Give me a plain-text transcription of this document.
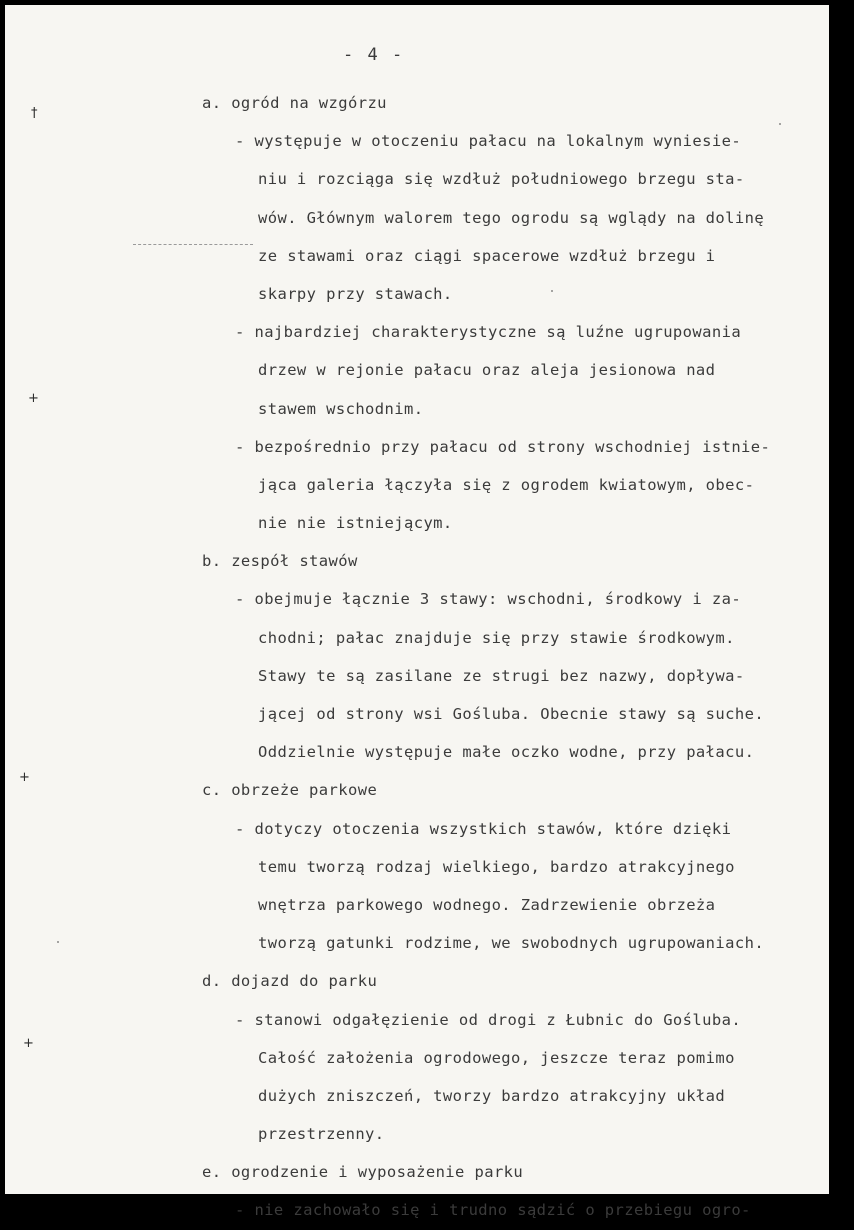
- 4 -
†
+
+
+
a. ogród na wzgórzu
- występuje w otoczeniu pałacu na lokalnym wyniesie-
niu i rozciąga się wzdłuż południowego brzegu sta-
wów. Głównym walorem tego ogrodu są wglądy na dolinę
ze stawami oraz ciągi spacerowe wzdłuż brzegu i
skarpy przy stawach.
- najbardziej charakterystyczne są luźne ugrupowania
drzew w rejonie pałacu oraz aleja jesionowa nad
stawem wschodnim.
- bezpośrednio przy pałacu od strony wschodniej istnie-
jąca galeria łączyła się z ogrodem kwiatowym, obec-
nie nie istniejącym.
b. zespół stawów
- obejmuje łącznie 3 stawy: wschodni, środkowy i za-
chodni; pałac znajduje się przy stawie środkowym.
Stawy te są zasilane ze strugi bez nazwy, dopływa-
jącej od strony wsi Gośluba. Obecnie stawy są suche.
Oddzielnie występuje małe oczko wodne, przy pałacu.
c. obrzeże parkowe
- dotyczy otoczenia wszystkich stawów, które dzięki
temu tworzą rodzaj wielkiego, bardzo atrakcyjnego
wnętrza parkowego wodnego. Zadrzewienie obrzeża
tworzą gatunki rodzime, we swobodnych ugrupowaniach.
d. dojazd do parku
- stanowi odgałęzienie od drogi z Łubnic do Gośluba.
Całość założenia ogrodowego, jeszcze teraz pomimo
dużych zniszczeń, tworzy bardzo atrakcyjny układ
przestrzenny.
e. ogrodzenie i wyposażenie parku
- nie zachowało się i trudno sądzić o przebiegu ogro-
